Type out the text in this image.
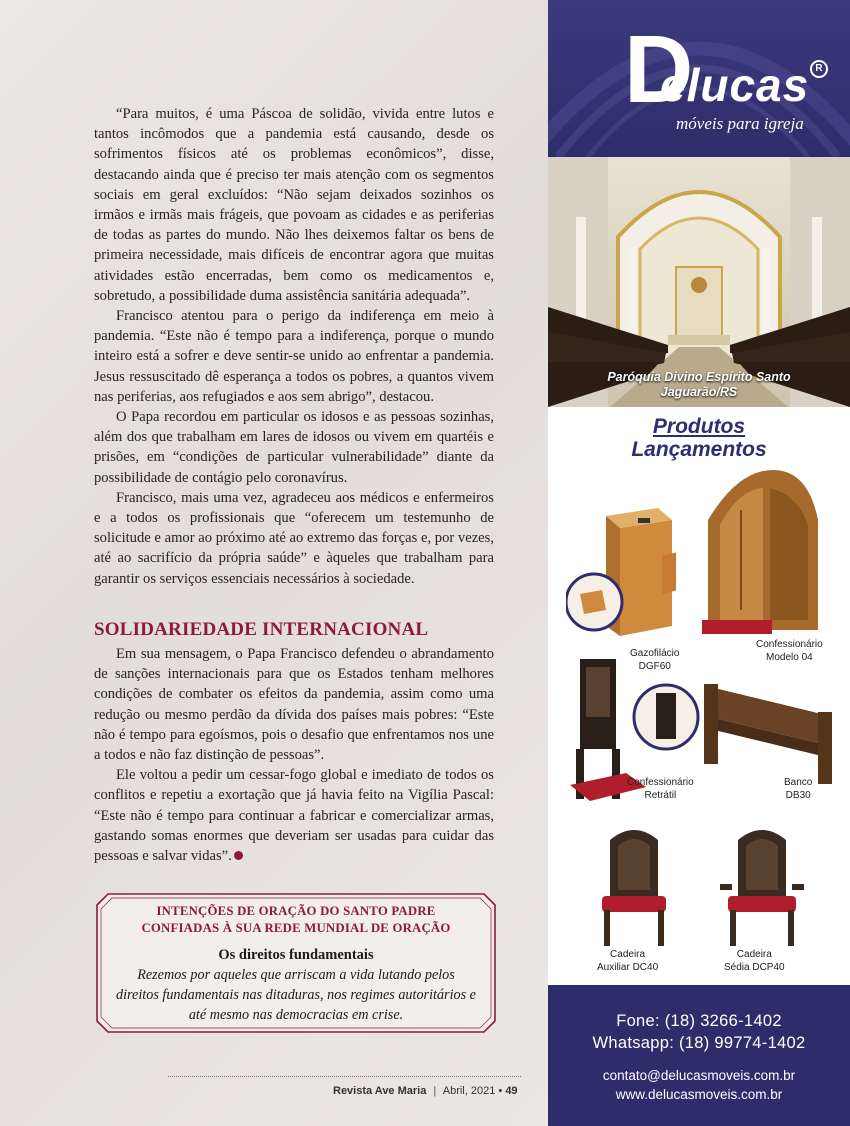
“Para muitos, é uma Páscoa de solidão, vivida entre lutos e tantos incômodos que a pandemia está causando, desde os sofrimentos físicos até os problemas econômicos”, disse, destacando ainda que é preciso ter mais atenção com os segmentos sociais em geral excluídos: “Não sejam deixados sozinhos os irmãos e irmãs mais frágeis, que povoam as cidades e as periferias de todas as partes do mundo. Não lhes deixemos faltar os bens de primeira necessidade, mais difíceis de encontrar agora que muitas atividades estão encerradas, bem como os medicamentos e, sobretudo, a possibilidade duma assistência sanitária adequada”.

Francisco atentou para o perigo da indiferença em meio à pandemia. “Este não é tempo para a indiferença, porque o mundo inteiro está a sofrer e deve sentir-se unido ao enfrentar a pandemia. Jesus ressuscitado dê esperança a todos os pobres, a quantos vivem nas periferias, aos refugiados e aos sem abrigo”, destacou.

O Papa recordou em particular os idosos e as pessoas sozinhas, além dos que trabalham em lares de idosos ou vivem em quartéis e prisões, em “condições de particular vulnerabilidade” diante da possibilidade de contágio pelo coronavírus.

Francisco, mais uma vez, agradeceu aos médicos e enfermeiros e a todos os profissionais que “oferecem um testemunho de solicitude e amor ao próximo até ao extremo das forças e, por vezes, até ao sacrifício da própria saúde” e àqueles que trabalham para garantir os serviços essenciais necessários à sociedade.

SOLIDARIEDADE INTERNACIONAL

Em sua mensagem, o Papa Francisco defendeu o abrandamento de sanções internacionais para que os Estados tenham melhores condições de combater os efeitos da pandemia, assim como uma redução ou mesmo perdão da dívida dos países mais pobres: “Este não é tempo para egoísmos, pois o desafio que enfrentamos nos une a todos e não faz distinção de pessoas”.

Ele voltou a pedir um cessar-fogo global e imediato de todos os conflitos e repetiu a exortação que já havia feito na Vigília Pascal: “Este não é tempo para continuar a fabricar e comercializar armas, gastando somas enormes que deveriam ser usadas para cuidar das pessoas e salvar vidas”.

INTENÇÕES DE ORAÇÃO DO SANTO PADRE
CONFIADAS À SUA REDE MUNDIAL DE ORAÇÃO
Os direitos fundamentais
Rezemos por aqueles que arriscam a vida lutando pelos direitos fundamentais nas ditaduras, nos regimes autoritários e até mesmo nas democracias em crise.
Revista Ave Maria | Abril, 2021 • 49
D
elucas R
móveis para igreja
Paróquia Divino Espírito Santo
Jaguarão/RS
Produtos
Lançamentos
Gazofilácio
DGF60
Confessionário
Modelo 04
Confessionário
Retrátil
Banco
DB30
Cadeira
Auxiliar DC40
Cadeira
Sédia DCP40
Fone: (18) 3266-1402
Whatsapp: (18) 99774-1402
contato@delucasmoveis.com.br
www.delucasmoveis.com.br
